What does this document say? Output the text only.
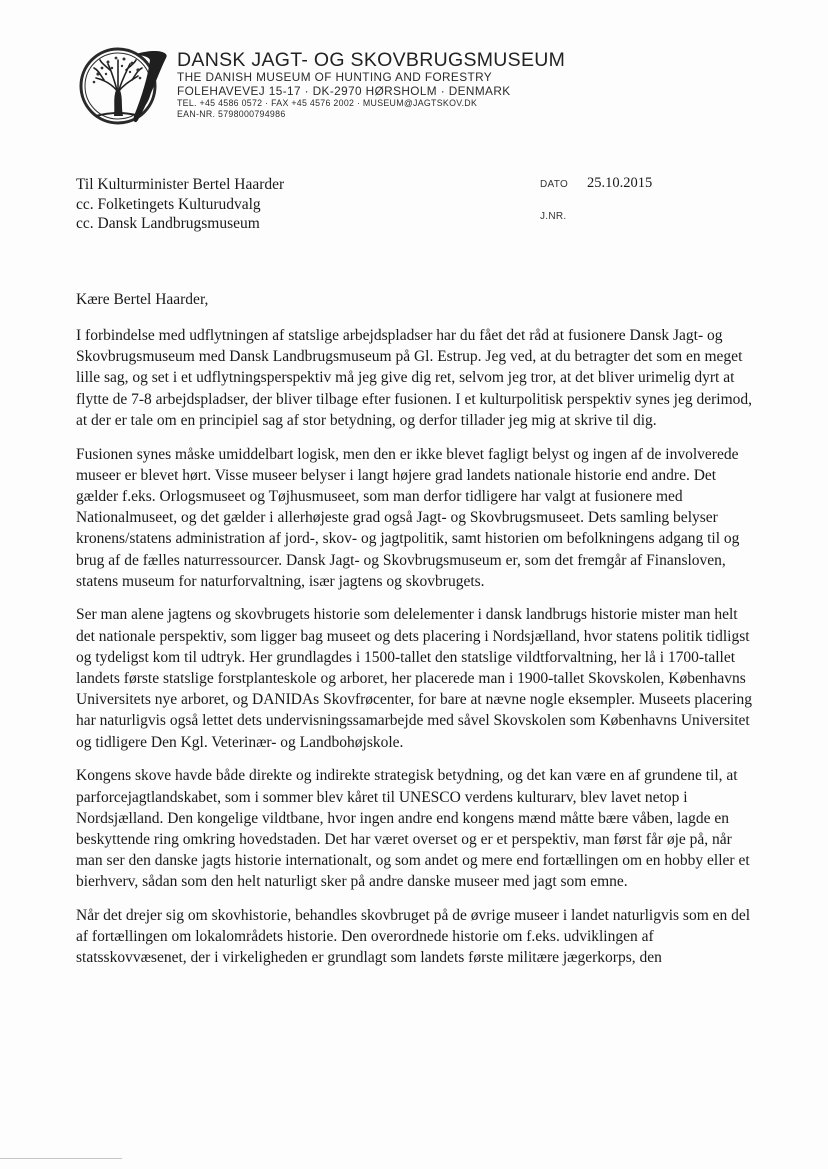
DANSK JAGT- OG SKOVBRUGSMUSEUM
THE DANISH MUSEUM OF HUNTING AND FORESTRY
FOLEHAVEVEJ 15-17 · DK-2970 HØRSHOLM · DENMARK
TEL. +45 4586 0572 · FAX +45 4576 2002 · MUSEUM@JAGTSKOV.DK
EAN-NR. 5798000794986
Til Kulturminister Bertel Haarder
cc. Folketingets Kulturudvalg
cc. Dansk Landbrugsmuseum
DATO	25.10.2015
J.NR.
Kære Bertel Haarder,

I forbindelse med udflytningen af statslige arbejdspladser har du fået det råd at fusionere Dansk Jagt- og Skovbrugsmuseum med Dansk Landbrugsmuseum på Gl. Estrup. Jeg ved, at du betragter det som en meget lille sag, og set i et udflytningsperspektiv må jeg give dig ret, selvom jeg tror, at det bliver urimelig dyrt at flytte de 7-8 arbejdspladser, der bliver tilbage efter fusionen. I et kulturpolitisk perspektiv synes jeg derimod, at der er tale om en principiel sag af stor betydning, og derfor tillader jeg mig at skrive til dig.

Fusionen synes måske umiddelbart logisk, men den er ikke blevet fagligt belyst og ingen af de involverede museer er blevet hørt. Visse museer belyser i langt højere grad landets nationale historie end andre. Det gælder f.eks. Orlogsmuseet og Tøjhusmuseet, som man derfor tidligere har valgt at fusionere med Nationalmuseet, og det gælder i allerhøjeste grad også Jagt- og Skovbrugsmuseet. Dets samling belyser kronens/statens administration af jord-, skov- og jagtpolitik, samt historien om befolkningens adgang til og brug af de fælles naturressourcer. Dansk Jagt- og Skovbrugsmuseum er, som det fremgår af Finansloven, statens museum for naturforvaltning, især jagtens og skovbrugets.

Ser man alene jagtens og skovbrugets historie som delelementer i dansk landbrugs historie mister man helt det nationale perspektiv, som ligger bag museet og dets placering i Nordsjælland, hvor statens politik tidligst og tydeligst kom til udtryk. Her grundlagdes i 1500-tallet den statslige vildtforvaltning, her lå i 1700-tallet landets første statslige forstplanteskole og arboret, her placerede man i 1900-tallet Skovskolen, Københavns Universitets nye arboret, og DANIDAs Skovfrøcenter, for bare at nævne nogle eksempler. Museets placering har naturligvis også lettet dets undervisningssamarbejde med såvel Skovskolen som Københavns Universitet og tidligere Den Kgl. Veterinær- og Landbohøjskole.

Kongens skove havde både direkte og indirekte strategisk betydning, og det kan være en af grundene til, at parforcejagtlandskabet, som i sommer blev kåret til UNESCO verdens kulturarv, blev lavet netop i Nordsjælland. Den kongelige vildtbane, hvor ingen andre end kongens mænd måtte bære våben, lagde en beskyttende ring omkring hovedstaden. Det har været overset og er et perspektiv, man først får øje på, når man ser den danske jagts historie internationalt, og som andet og mere end fortællingen om en hobby eller et bierhverv, sådan som den helt naturligt sker på andre danske museer med jagt som emne.

Når det drejer sig om skovhistorie, behandles skovbruget på de øvrige museer i landet naturligvis som en del af fortællingen om lokalområdets historie. Den overordnede historie om f.eks. udviklingen af statsskovvæsenet, der i virkeligheden er grundlagt som landets første militære jægerkorps, den
